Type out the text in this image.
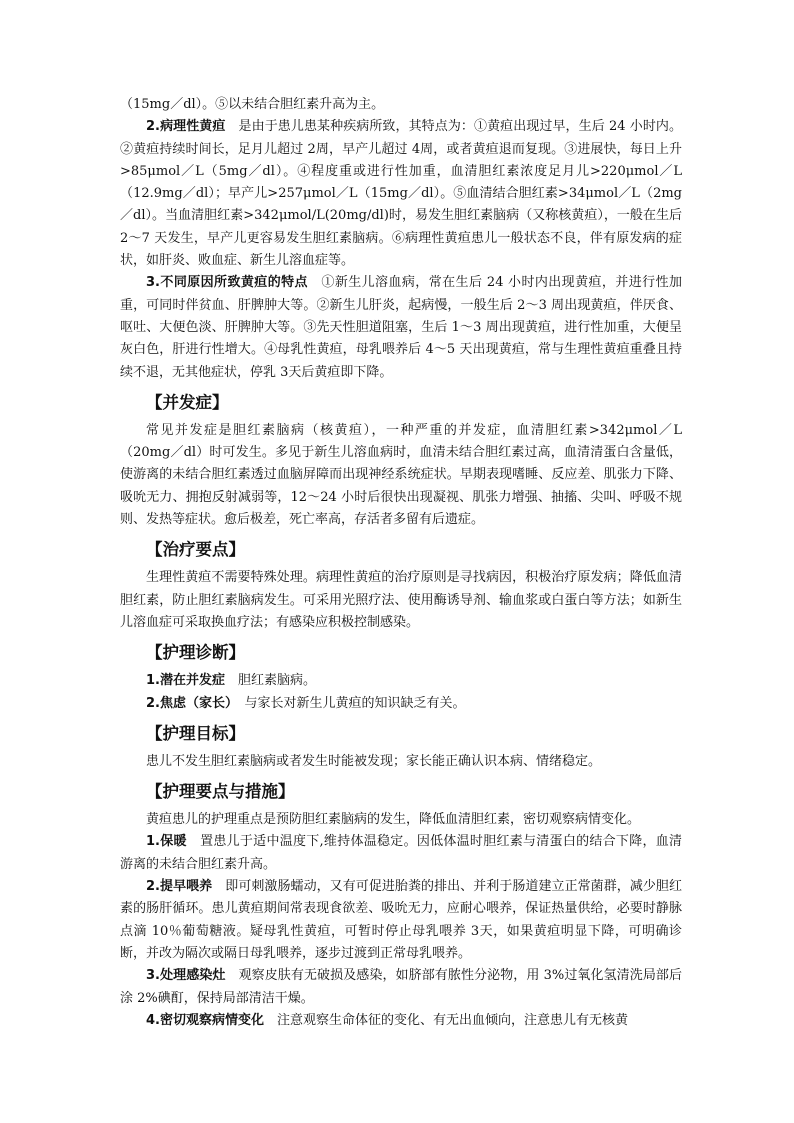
（15mg／dl）。⑤以未结合胆红素升高为主。

2.病理性黄疸　是由于患儿患某种疾病所致，其特点为：①黄疸出现过早，生后 24 小时内。②黄疸持续时间长，足月儿超过 2周，早产儿超过 4周，或者黄疸退而复现。③进展快，每日上升>85μmol／L（5mg／dl）。④程度重或进行性加重，血清胆红素浓度足月儿>220μmol／L（12.9mg／dl）；早产儿>257μmol／L（15mg／dl）。⑤血清结合胆红素>34μmol／L（2mg／dl）。当血清胆红素>342μmol/L(20mg/dl)时，易发生胆红素脑病（又称核黄疸），一般在生后 2～7 天发生，早产儿更容易发生胆红素脑病。⑥病理性黄疸患儿一般状态不良，伴有原发病的症状，如肝炎、败血症、新生儿溶血症等。

3.不同原因所致黄疸的特点　①新生儿溶血病，常在生后 24 小时内出现黄疸，并进行性加重，可同时伴贫血、肝脾肿大等。②新生儿肝炎，起病慢，一般生后 2～3 周出现黄疸，伴厌食、呕吐、大便色淡、肝脾肿大等。③先天性胆道阻塞，生后 1～3 周出现黄疸，进行性加重，大便呈灰白色，肝进行性增大。④母乳性黄疸，母乳喂养后 4～5 天出现黄疸，常与生理性黄疸重叠且持续不退，无其他症状，停乳 3天后黄疸即下降。

【并发症】

常见并发症是胆红素脑病（核黄疸），一种严重的并发症，血清胆红素>342μmol／L（20mg／dl）时可发生。多见于新生儿溶血病时，血清未结合胆红素过高，血清清蛋白含量低，使游离的未结合胆红素透过血脑屏障而出现神经系统症状。早期表现嗜睡、反应差、肌张力下降、吸吮无力、拥抱反射减弱等，12～24 小时后很快出现凝视、肌张力增强、抽搐、尖叫、呼吸不规则、发热等症状。愈后极差，死亡率高，存活者多留有后遗症。

【治疗要点】

生理性黄疸不需要特殊处理。病理性黄疸的治疗原则是寻找病因，积极治疗原发病；降低血清胆红素，防止胆红素脑病发生。可采用光照疗法、使用酶诱导剂、输血浆或白蛋白等方法；如新生儿溶血症可采取换血疗法；有感染应积极控制感染。

【护理诊断】

1.潜在并发症　胆红素脑病。

2.焦虑（家长）　与家长对新生儿黄疸的知识缺乏有关。

【护理目标】

患儿不发生胆红素脑病或者发生时能被发现；家长能正确认识本病、情绪稳定。

【护理要点与措施】

黄疸患儿的护理重点是预防胆红素脑病的发生，降低血清胆红素，密切观察病情变化。

1.保暖　置患儿于适中温度下,维持体温稳定。因低体温时胆红素与清蛋白的结合下降，血清游离的未结合胆红素升高。

2.提早喂养　即可刺激肠蠕动，又有可促进胎粪的排出、并利于肠道建立正常菌群，减少胆红素的肠肝循环。患儿黄疸期间常表现食欲差、吸吮无力，应耐心喂养，保证热量供给，必要时静脉点滴 10％葡萄糖液。疑母乳性黄疸，可暂时停止母乳喂养 3天，如果黄疸明显下降，可明确诊断，并改为隔次或隔日母乳喂养，逐步过渡到正常母乳喂养。

3.处理感染灶　观察皮肤有无破损及感染，如脐部有脓性分泌物，用 3%过氧化氢清洗局部后涂 2%碘酊，保持局部清洁干燥。

4.密切观察病情变化　注意观察生命体征的变化、有无出血倾向，注意患儿有无核黄
